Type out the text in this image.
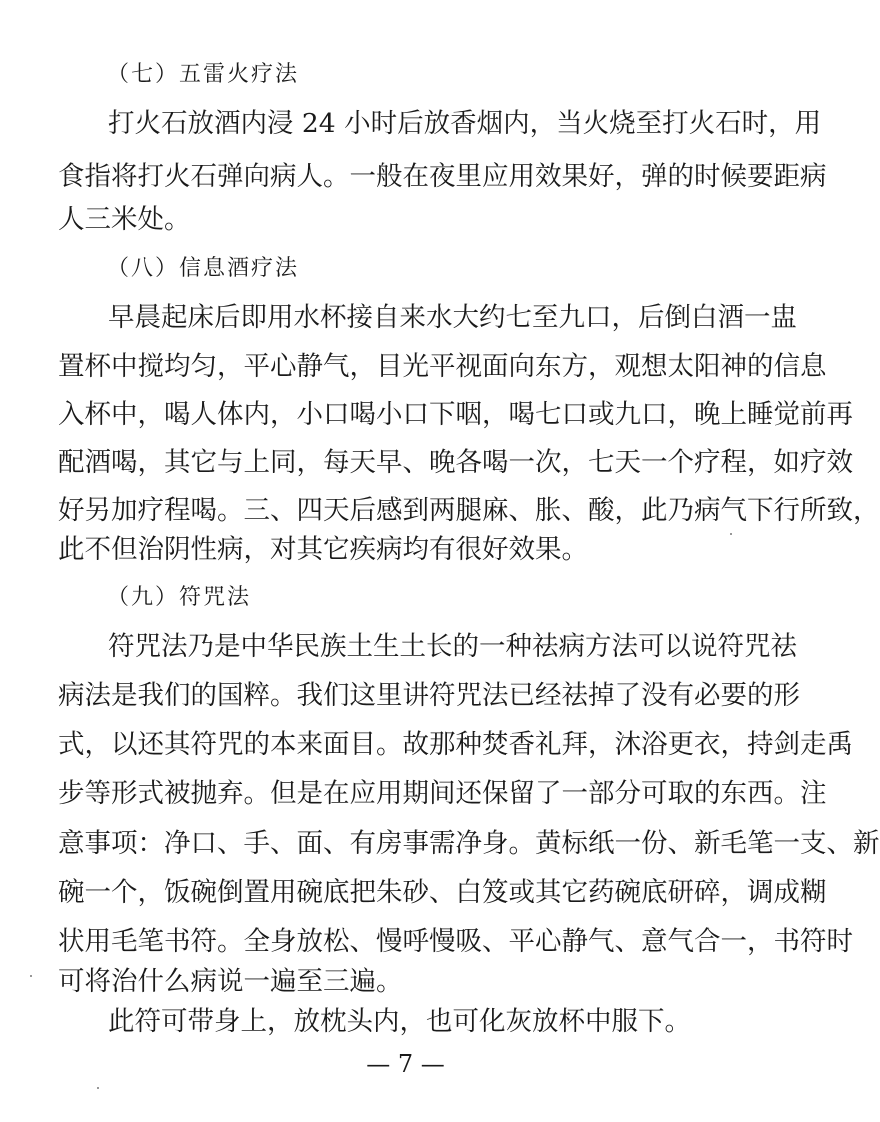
（七）五雷火疗法
打火石放酒内浸 24 小时后放香烟内，当火烧至打火石时，用
食指将打火石弹向病人。一般在夜里应用效果好，弹的时候要距病
人三米处。
（八）信息酒疗法
早晨起床后即用水杯接自来水大约七至九口，后倒白酒一盅
置杯中搅均匀，平心静气，目光平视面向东方，观想太阳神的信息
入杯中，喝人体内，小口喝小口下咽，喝七口或九口，晚上睡觉前再
配酒喝，其它与上同，每天早、晚各喝一次，七天一个疗程，如疗效
好另加疗程喝。三、四天后感到两腿麻、胀、酸，此乃病气下行所致，
此不但治阴性病，对其它疾病均有很好效果。
（九）符咒法
符咒法乃是中华民族土生土长的一种祛病方法可以说符咒祛
病法是我们的国粹。我们这里讲符咒法已经祛掉了没有必要的形
式，以还其符咒的本来面目。故那种焚香礼拜，沐浴更衣，持剑走禹
步等形式被抛弃。但是在应用期间还保留了一部分可取的东西。注
意事项：净口、手、面、有房事需净身。黄标纸一份、新毛笔一支、新
碗一个，饭碗倒置用碗底把朱砂、白笈或其它药碗底研碎，调成糊
状用毛笔书符。全身放松、慢呼慢吸、平心静气、意气合一，书符时
可将治什么病说一遍至三遍。
此符可带身上，放枕头内，也可化灰放杯中服下。
— 7 —
